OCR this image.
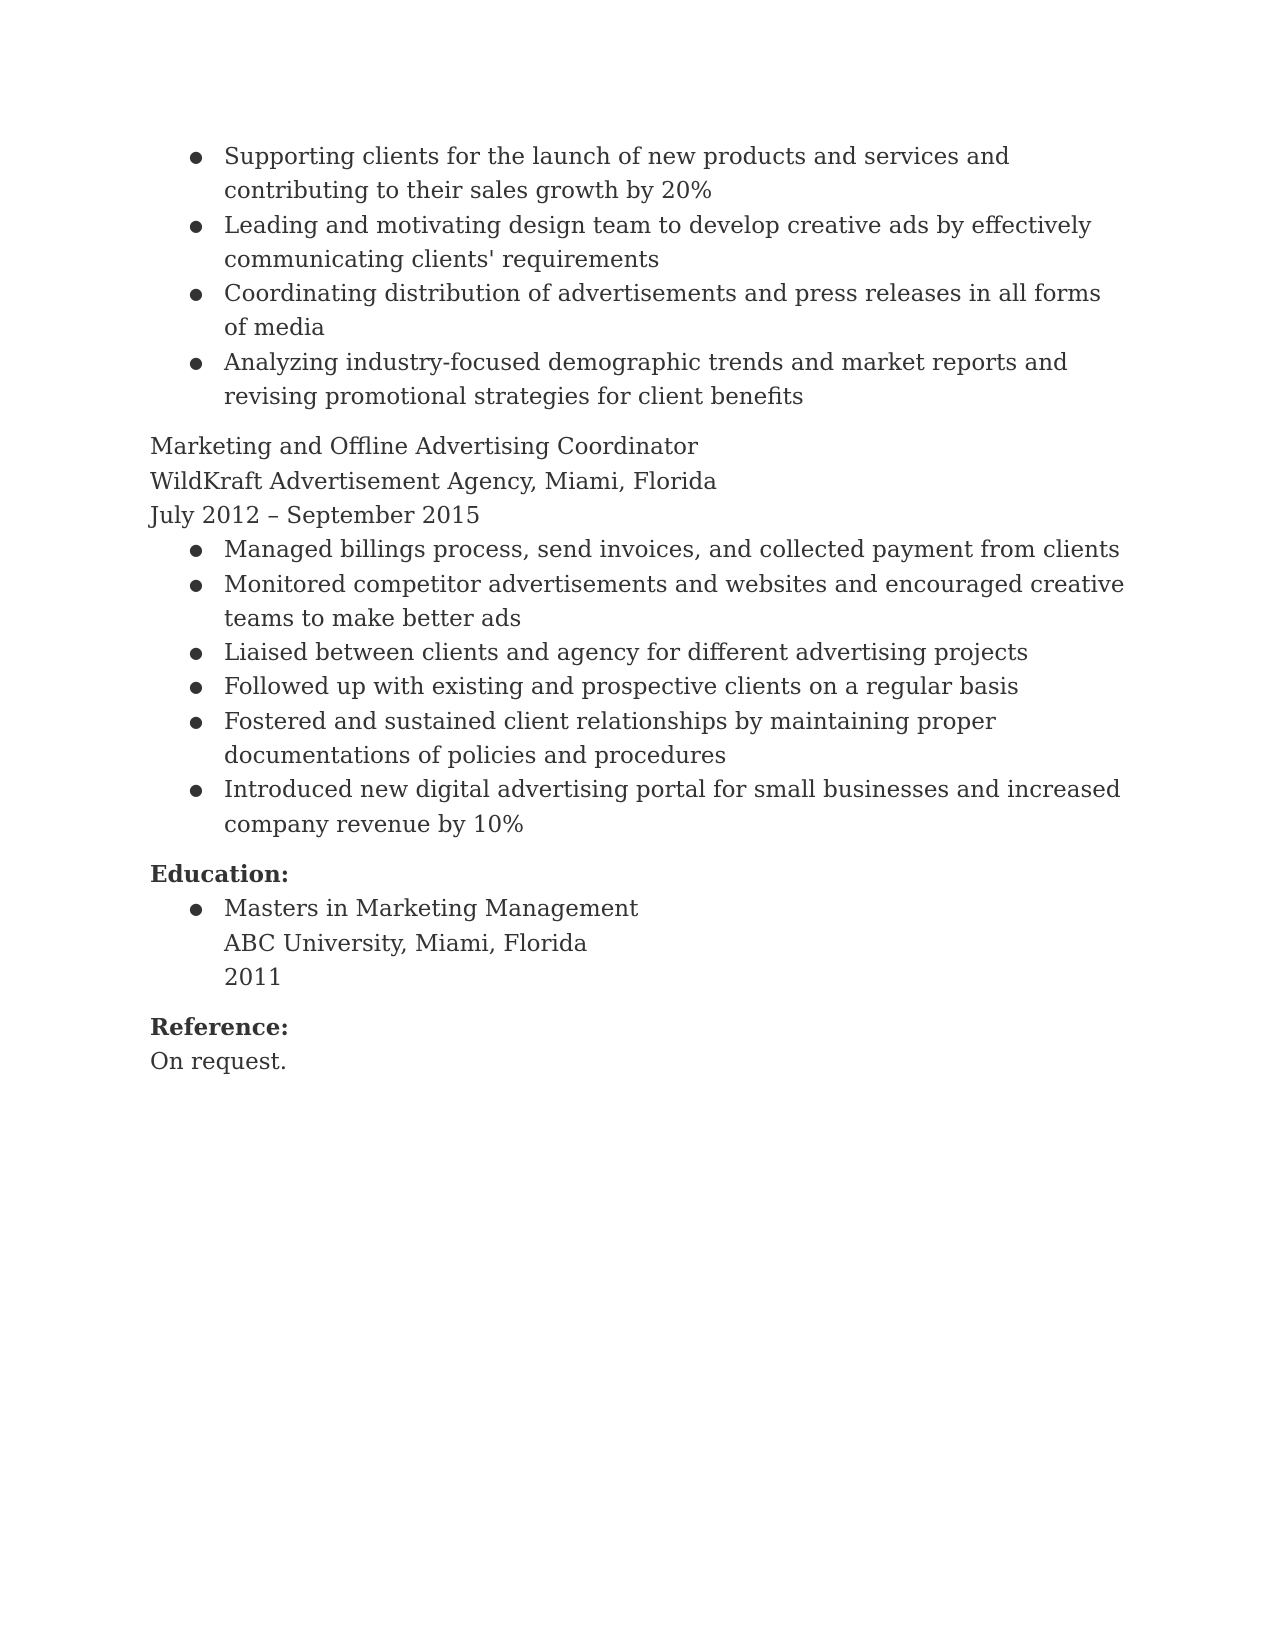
● Supporting clients for the launch of new products and services and contributing to their sales growth by 20%
● Leading and motivating design team to develop creative ads by effectively communicating clients' requirements
● Coordinating distribution of advertisements and press releases in all forms of media
● Analyzing industry-focused demographic trends and market reports and revising promotional strategies for client benefits
Marketing and Offline Advertising Coordinator
WildKraft Advertisement Agency, Miami, Florida
July 2012 – September 2015
● Managed billings process, send invoices, and collected payment from clients
● Monitored competitor advertisements and websites and encouraged creative teams to make better ads
● Liaised between clients and agency for different advertising projects
● Followed up with existing and prospective clients on a regular basis
● Fostered and sustained client relationships by maintaining proper documentations of policies and procedures
● Introduced new digital advertising portal for small businesses and increased company revenue by 10%
Education:
● Masters in Marketing Management
ABC University, Miami, Florida
2011
Reference:
On request.
